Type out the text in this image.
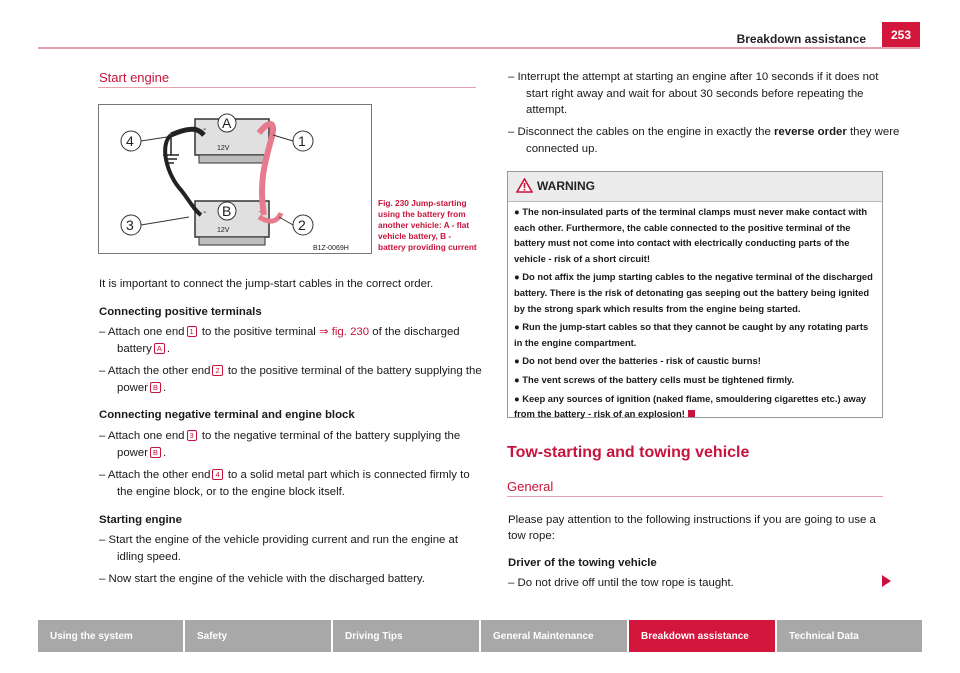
Breakdown assistance	253
Start engine
12V
-	+
12V
-	+
A
B
4	1
3	2
B1Z-0069H
Fig. 230 Jump-starting using the battery from another vehicle: A - flat vehicle battery, B - battery providing current
It is important to connect the jump-start cables in the correct order.
Connecting positive terminals
– Attach one end 1 to the positive terminal ⇒ fig. 230 of the discharged battery A .
– Attach the other end 2 to the positive terminal of the battery supplying the power B .
Connecting negative terminal and engine block
– Attach one end 3 to the negative terminal of the battery supplying the power B .
– Attach the other end 4 to a solid metal part which is connected firmly to the engine block, or to the engine block itself.
Starting engine
– Start the engine of the vehicle providing current and run the engine at idling speed.
– Now start the engine of the vehicle with the discharged battery.
– Interrupt the attempt at starting an engine after 10 seconds if it does not start right away and wait for about 30 seconds before repeating the attempt.
– Disconnect the cables on the engine in exactly the reverse order they were connected up.
WARNING
● The non-insulated parts of the terminal clamps must never make contact with each other. Furthermore, the cable connected to the positive terminal of the battery must not come into contact with electrically conducting parts of the vehicle - risk of a short circuit!
● Do not affix the jump starting cables to the negative terminal of the discharged battery. There is the risk of detonating gas seeping out the battery being ignited by the strong spark which results from the engine being started.
● Run the jump-start cables so that they cannot be caught by any rotating parts in the engine compartment.
● Do not bend over the batteries - risk of caustic burns!
● The vent screws of the battery cells must be tightened firmly.
● Keep any sources of ignition (naked flame, smouldering cigarettes etc.) away from the battery - risk of an explosion!
Tow-starting and towing vehicle
General
Please pay attention to the following instructions if you are going to use a tow rope:
Driver of the towing vehicle
– Do not drive off until the tow rope is taught.
Using the system	Safety	Driving Tips	General Maintenance	Breakdown assistance	Technical Data
